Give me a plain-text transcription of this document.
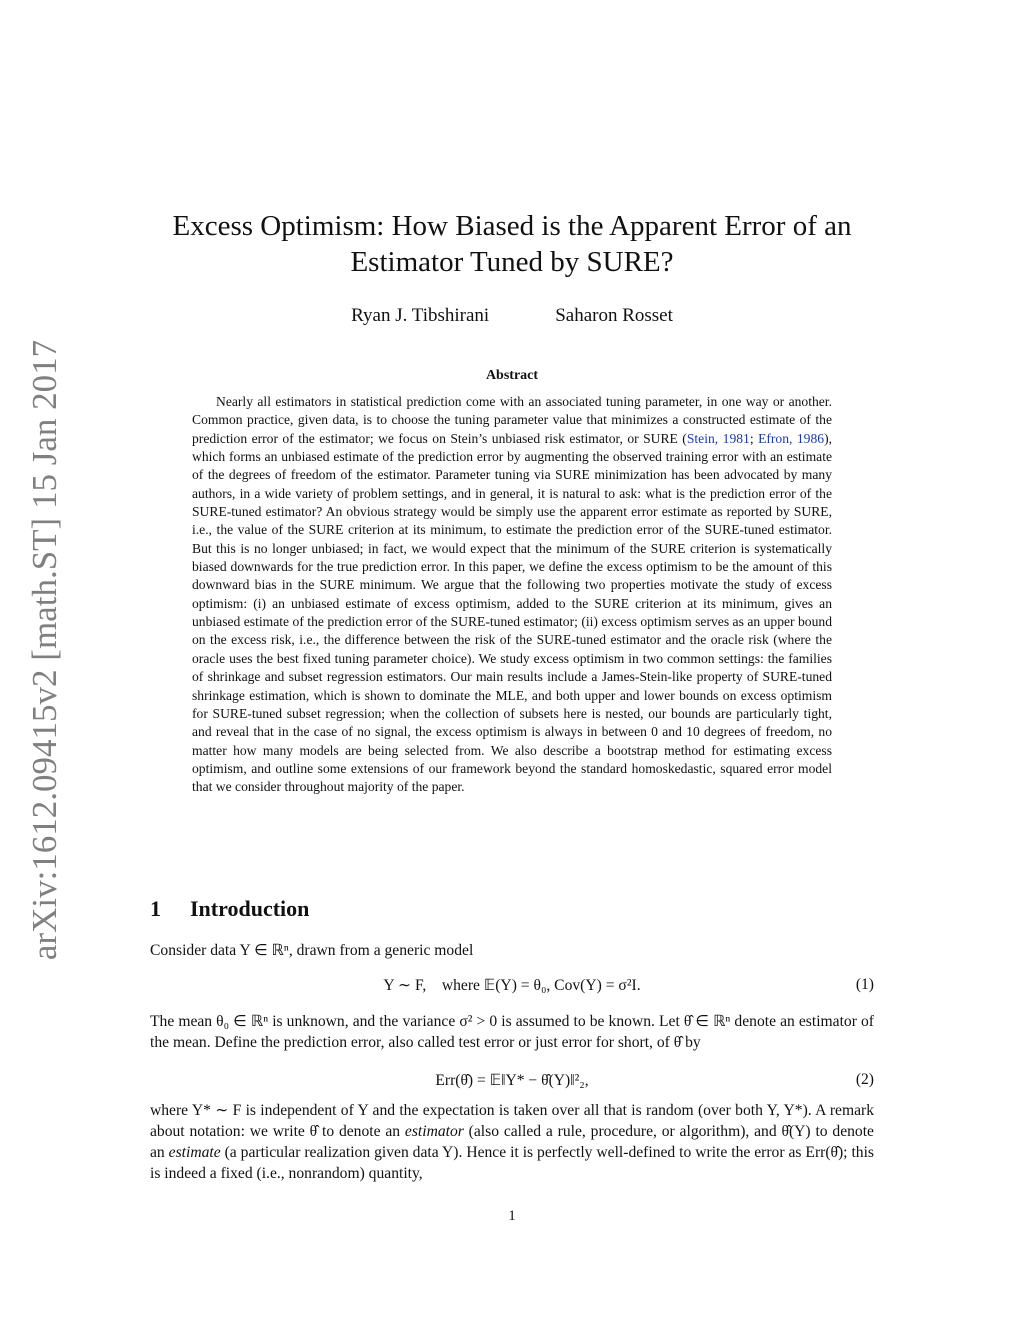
arXiv:1612.09415v2 [math.ST] 15 Jan 2017
Excess Optimism: How Biased is the Apparent Error of an
Estimator Tuned by SURE?
Ryan J. Tibshirani	Saharon Rosset
Abstract

Nearly all estimators in statistical prediction come with an associated tuning parameter, in one way or another. Common practice, given data, is to choose the tuning parameter value that minimizes a constructed estimate of the prediction error of the estimator; we focus on Stein’s unbiased risk estimator, or SURE (Stein, 1981; Efron, 1986), which forms an unbiased estimate of the prediction error by augmenting the observed training error with an estimate of the degrees of freedom of the estimator. Parameter tuning via SURE minimization has been advocated by many authors, in a wide variety of problem settings, and in general, it is natural to ask: what is the prediction error of the SURE-tuned estimator? An obvious strategy would be simply use the apparent error estimate as reported by SURE, i.e., the value of the SURE criterion at its minimum, to estimate the prediction error of the SURE-tuned estimator. But this is no longer unbiased; in fact, we would expect that the minimum of the SURE criterion is systematically biased downwards for the true prediction error. In this paper, we define the excess optimism to be the amount of this downward bias in the SURE minimum. We argue that the following two properties motivate the study of excess optimism: (i) an unbiased estimate of excess optimism, added to the SURE criterion at its minimum, gives an unbiased estimate of the prediction error of the SURE-tuned estimator; (ii) excess optimism serves as an upper bound on the excess risk, i.e., the difference between the risk of the SURE-tuned estimator and the oracle risk (where the oracle uses the best fixed tuning parameter choice). We study excess optimism in two common settings: the families of shrinkage and subset regression estimators. Our main results include a James-Stein-like property of SURE-tuned shrinkage estimation, which is shown to dominate the MLE, and both upper and lower bounds on excess optimism for SURE-tuned subset regression; when the collection of subsets here is nested, our bounds are particularly tight, and reveal that in the case of no signal, the excess optimism is always in between 0 and 10 degrees of freedom, no matter how many models are being selected from. We also describe a bootstrap method for estimating excess optimism, and outline some extensions of our framework beyond the standard homoskedastic, squared error model that we consider throughout majority of the paper.

1 Introduction
Consider data Y ∈ ℝⁿ, drawn from a generic model
Y ∼ F, where 𝔼(Y) = θ₀, Cov(Y) = σ²I.	(1)
The mean θ₀ ∈ ℝⁿ is unknown, and the variance σ² > 0 is assumed to be known. Let θ̂ ∈ ℝⁿ denote an estimator of the mean. Define the prediction error, also called test error or just error for short, of θ̂ by
Err(θ̂) = 𝔼‖Y* − θ̂(Y)‖²₂,	(2)
where Y* ∼ F is independent of Y and the expectation is taken over all that is random (over both Y, Y*). A remark about notation: we write θ̂ to denote an estimator (also called a rule, procedure, or algorithm), and θ̂(Y) to denote an estimate (a particular realization given data Y). Hence it is perfectly well-defined to write the error as Err(θ̂); this is indeed a fixed (i.e., nonrandom) quantity,
1
